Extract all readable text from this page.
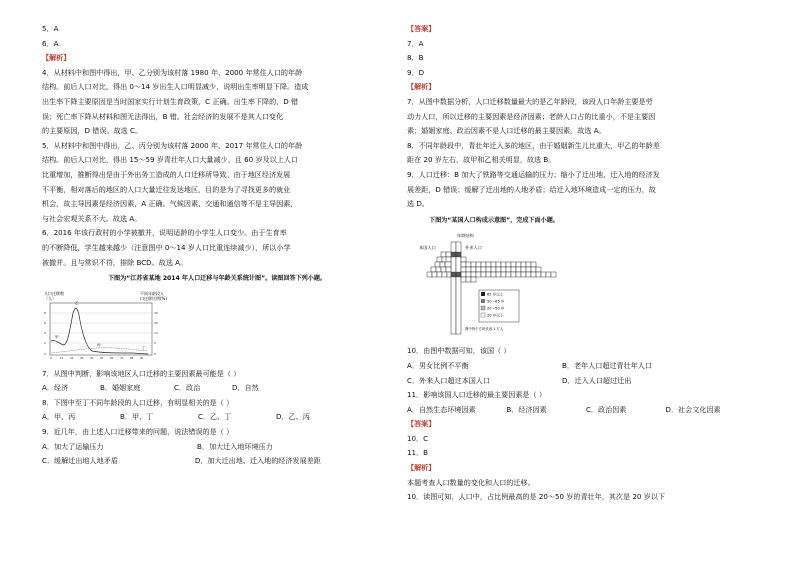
5．A
6．A
【解析】
4．从材料中和图中得出，甲、乙分别为该村落 1980 年、2000 年常住人口的年龄
结构。前后人口对比，得出 0～14 岁出生人口明显减少，说明出生率明显下降。造成
出生率下降主要原因是当时国家实行计划生育政策，C 正确。出生率下降的，D 错
误；死亡率下降从材料和图无法得出，B 错。社会经济的发展不是其人口变化
的主要原因，D 错误。故选 C。
5．从材料中和图中得出，乙、丙分别为该村落 2000 年、2017 年常住人口的年龄
结构。前后人口对比，得出 15～59 岁青壮年人口大量减少，且 60 岁及以上人口
比重增加，推断得出是由于外出务工造成的人口迁移所导致。由于地区经济发展
不平衡，相对落后的地区的人口大量迁往发达地区，目的是为了寻找更多的就业
机会，故主导因素是经济因素，A 正确。气候因素、交通和通信等不是主导因素，
与社会宏观关系不大。故选 A。
6．2016 年该行政村的小学被撤并，说明适龄的小学生人口变少。由于生育率
的不断降低，学生越来越少（注意图中 0～14 岁人口比重连续减少），所以小学
被撤并。且与常识不符，排除 BCD。故选 A。
下图为“江苏省某地 2014 年人口迁移与年龄关系统计图”。读图回答下列小题。
人口迁移数
（人）
不同年龄段人
口迁移比例(%)
8
6
4
2
0
30
20
10
5
0
0	10	20	30	40	50	60	70	80	90
甲
乙
丙
丁
7．从图中判断，影响该地区人口迁移的主要因素最可能是（ ）
A．经济	B．婚姻家庭	C．政治	D．自然
8．下图中至丁不同年龄段的人口迁移，有明显相关的是（ ）
A．甲、丙	B．甲、丁	C．乙、丁	D．乙、丙
9．近几年，由上述人口迁移带来的问题，说法错误的是（ ）
A．加大了运输压力	B．加大迁入地环境压力
C．缓解迁出地人地矛盾	D．加大迁出地、迁入地的经济发展差距
【答案】
7．A
8．B
9．D
【解析】
7．从图中数据分析，人口迁移数量最大的是乙年龄段，该段人口年龄主要是劳
动力人口，所以迁移的主要因素是经济因素；老龄人口占的比重小，不是主要因
素；婚姻家庭、政治因素不是人口迁移的最主要因素。故选 A。
8．不同年龄段中，青壮年迁入多的地区，由于婚姻新生儿比重大，甲乙的年龄差
距在 20 岁左右，故甲和乙相关明显，故选 B。
9．人口迁移：B 加大了铁路等交通运输的压力；缩小了迁出地、迁入地的经济发
展差距，D 错误；缓解了迁出地的人地矛盾；给迁入地环境造成一定的压力，故
选 D。
下图为“某国人口构成示意图”，完成下面小题。
年龄结构
本国人口	外来人口
65 岁以上
50～65 岁
20～50 岁
20 岁以下
图中每个方块代表 1 万人
10．由图中数据可知，该国（ ）
A．男女比例不平衡	B．老年人口超过青壮年人口
C．外来人口超过本国人口	D．迁入人口超过迁出
11．影响该国人口迁移的最主要因素是（ ）
A．自然生态环境因素	B．经济因素	C．政治因素	D．社会文化因素
【答案】
10．C
11．B
【解析】
本题考查人口数量的变化和人口的迁移。
10．读图可知，人口中，占比例最高的是 20～50 岁的青壮年，其次是 20 岁以下
